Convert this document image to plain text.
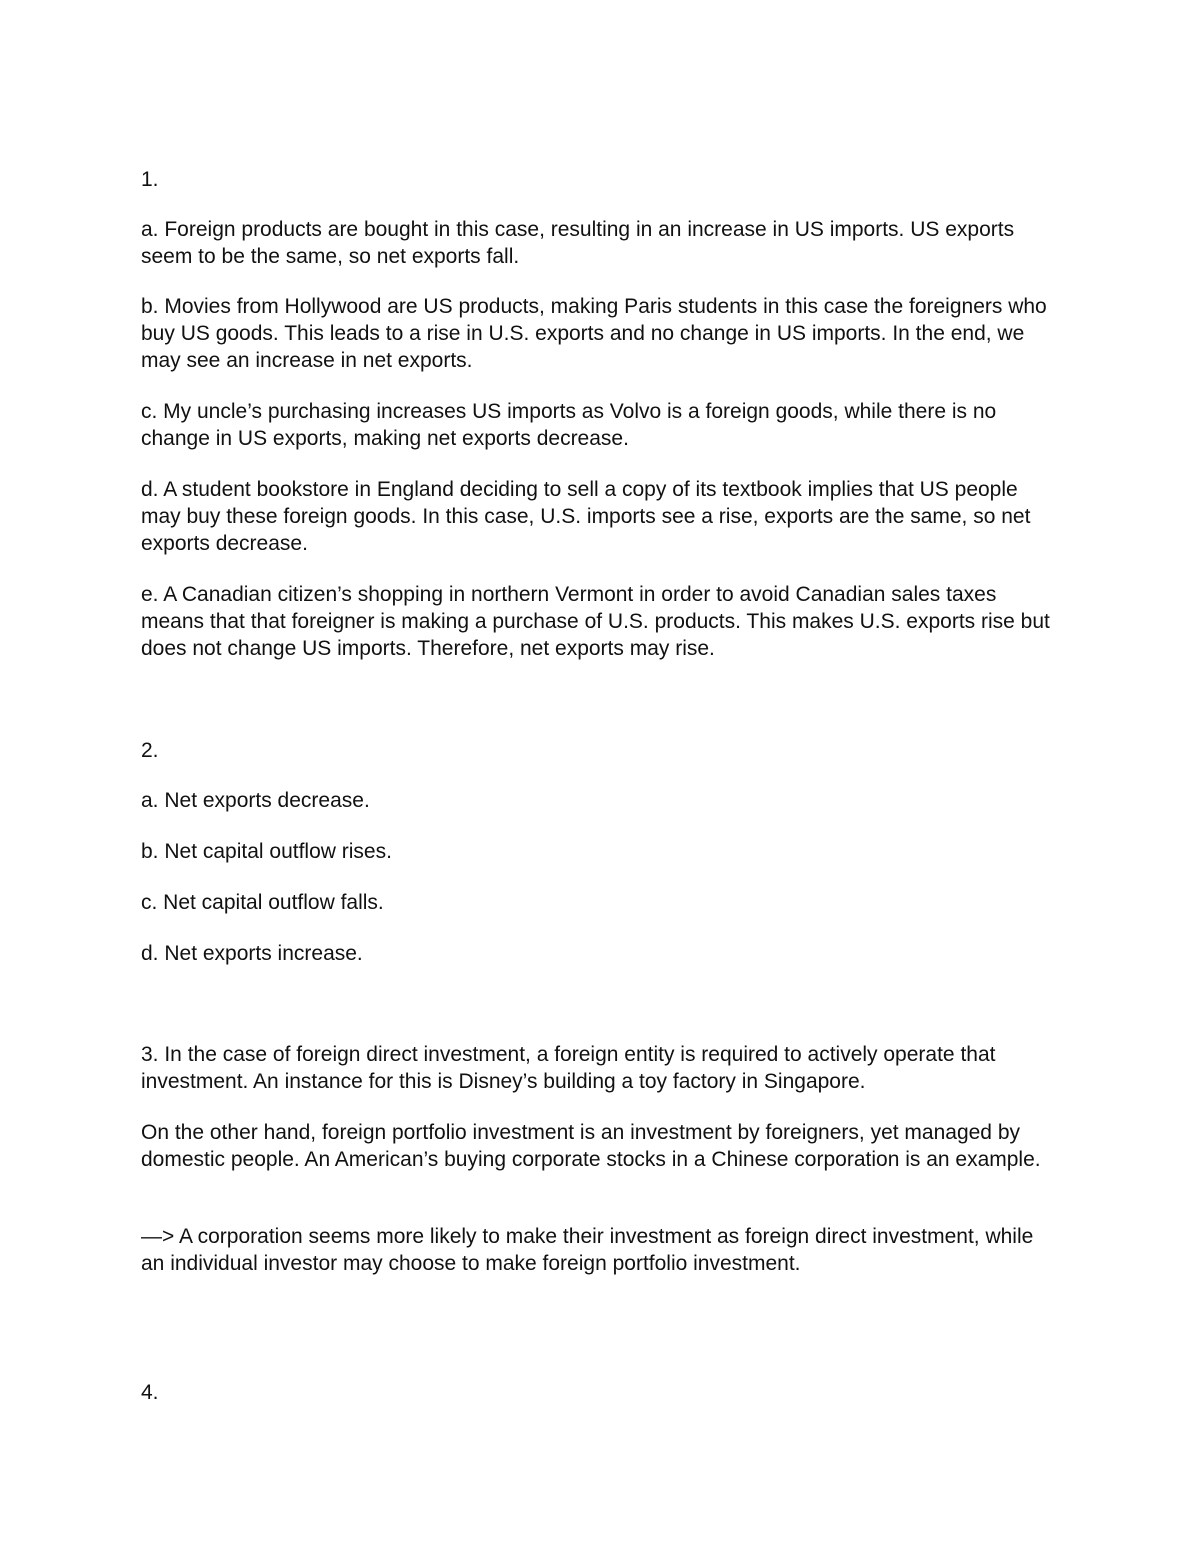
1.

a. Foreign products are bought in this case, resulting in an increase in US imports. US exports seem to be the same, so net exports fall.

b. Movies from Hollywood are US products, making Paris students in this case the foreigners who buy US goods. This leads to a rise in U.S. exports and no change in US imports. In the end, we may see an increase in net exports.

c. My uncle’s purchasing increases US imports as Volvo is a foreign goods, while there is no change in US exports, making net exports decrease.

d. A student bookstore in England deciding to sell a copy of its textbook implies that US people may buy these foreign goods. In this case, U.S. imports see a rise, exports are the same, so net exports decrease.

e. A Canadian citizen’s shopping in northern Vermont in order to avoid Canadian sales taxes means that that foreigner is making a purchase of U.S. products. This makes U.S. exports rise but does not change US imports. Therefore, net exports may rise.

2.

a. Net exports decrease.

b. Net capital outflow rises.

c. Net capital outflow falls.

d. Net exports increase.

3. In the case of foreign direct investment, a foreign entity is required to actively operate that investment. An instance for this is Disney’s building a toy factory in Singapore.

On the other hand, foreign portfolio investment is an investment by foreigners, yet managed by domestic people. An American’s buying corporate stocks in a Chinese corporation is an example.

—> A corporation seems more likely to make their investment as foreign direct investment, while an individual investor may choose to make foreign portfolio investment.

4.
